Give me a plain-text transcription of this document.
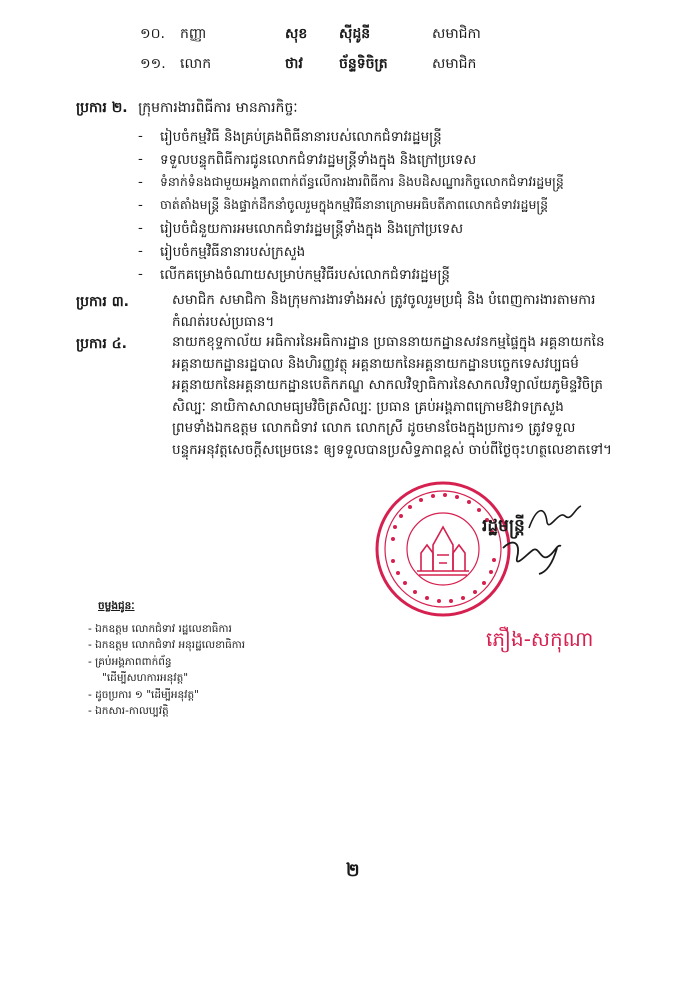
១០. កញ្ញា	សុខ ស៊ីដូនី	សមាជិកា
១១. លោក	ថាវ	ច័ន្ទទិចិត្រ	សមាជិក
ប្រការ ២. ក្រុមការងារពិធីការ មានភារកិច្ចៈ
- រៀបចំកម្មវិធី និងគ្រប់គ្រងពិធីនានារបស់លោកជំទាវរដ្ឋមន្ត្រី
- ទទួលបន្ទុកពិធីការជូនលោកជំទាវរដ្ឋមន្ត្រីទាំងក្នុង និងក្រៅប្រទេស
- ទំនាក់ទំនងជាមួយអង្គភាពពាក់ព័ន្ធលើការងារពិធីការ និងបដិសណ្ឋារកិច្ចលោកជំទាវរដ្ឋមន្ត្រី
- ចាត់តាំងមន្ត្រី និងផ្ទាក់ដឹកនាំចូលរួមក្នុងកម្មវិធីនានាក្រោមអធិបតីភាពលោកជំទាវរដ្ឋមន្ត្រី
- រៀបចំជំនួយការអមលោកជំទាវរដ្ឋមន្ត្រីទាំងក្នុង និងក្រៅប្រទេស
- រៀបចំកម្មវិធីនានារបស់ក្រសួង
- លើកគម្រោងចំណាយសម្រាប់កម្មវិធីរបស់លោកជំទាវរដ្ឋមន្ត្រី
ប្រការ ៣.	សមាជិក សមាជិកា និងក្រុមការងារទាំងអស់ ត្រូវចូលរួមប្រជុំ និង បំពេញការងារតាមការ
កំណត់របស់ប្រធាន។
ប្រការ ៤.	នាយកខុទ្ទកាល័យ អធិការនៃអធិការដ្ឋាន ប្រធាននាយកដ្ឋានសវនកម្មផ្ទៃក្នុង អគ្គនាយកនៃ
អគ្គនាយកដ្ឋានរដ្ឋបាល និងហិរញ្ញវត្ថុ អគ្គនាយកនៃអគ្គនាយកដ្ឋានបច្ចេកទេសវប្បធម៌
អគ្គនាយកនៃអគ្គនាយកដ្ឋានបេតិកភណ្ឌ សាកលវិទ្យាធិការនៃសាកលវិទ្យាល័យភូមិន្ទវិចិត្រ
សិល្បៈ នាយិកាសាលាមធ្យមវិចិត្រសិល្បៈ ប្រធាន គ្រប់អង្គភាពក្រោមឱវាទក្រសួង
ព្រមទាំងឯកឧត្តម លោកជំទាវ លោក លោកស្រី ដូចមានចែងក្នុងប្រការ១ ត្រូវទទួល
បន្ទុកអនុវត្តសេចក្តីសម្រេចនេះ ឲ្យទទួលបានប្រសិទ្ធភាពខ្ពស់ ចាប់ពីថ្ងៃចុះហត្ថលេខាតទៅ។
រដ្ឋមន្ត្រី
ភឿង-សកុណា
ចម្លងជូនៈ
- ឯកឧត្តម លោកជំទាវ រដ្ឋលេខាធិការ
- ឯកឧត្តម លោកជំទាវ អនុរដ្ឋលេខាធិការ
- គ្រប់អង្គភាពពាក់ព័ន្ធ
"ដើម្បីសហការអនុវត្ត"
- ដូចប្រការ ១ "ដើម្បីអនុវត្ត"
- ឯកសារ-កាលប្បវត្តិ
២
